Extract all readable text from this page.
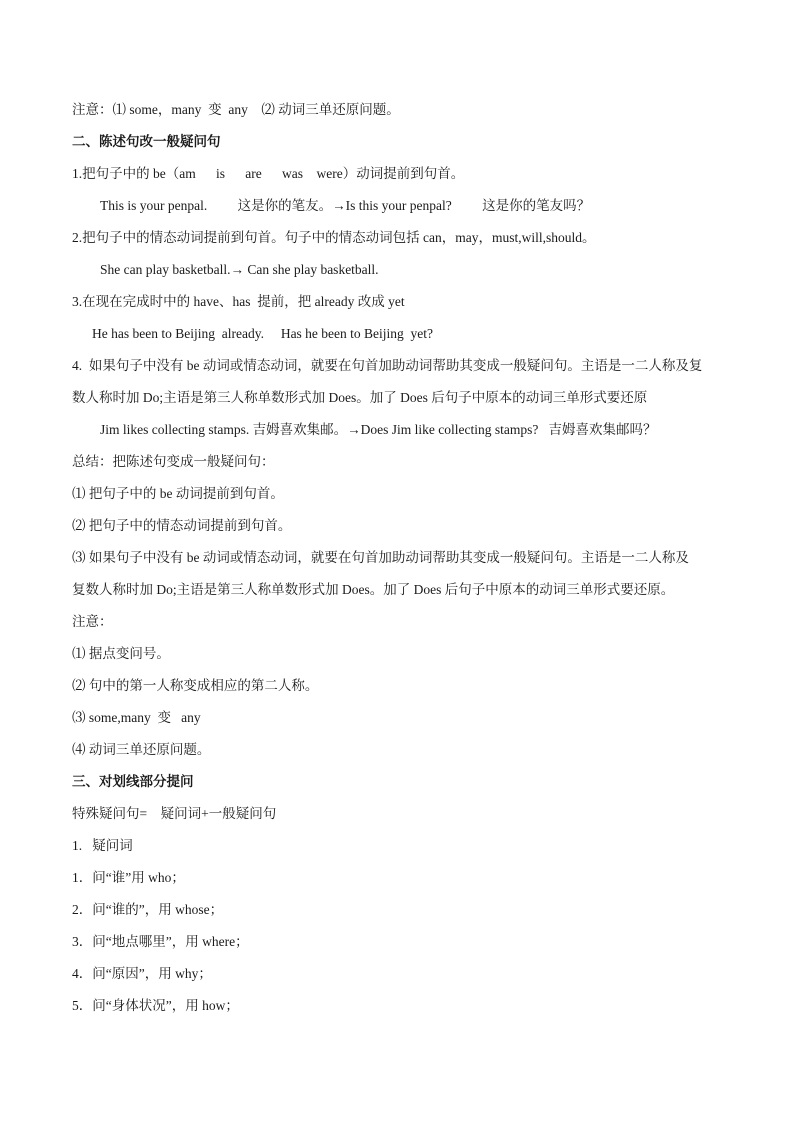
注意：⑴ some，many  变  any    ⑵ 动词三单还原问题。
二、陈述句改一般疑问句
1.把句子中的 be（am      is      are      was    were）动词提前到句首。
This is your penpal.         这是你的笔友。→Is this your penpal?         这是你的笔友吗？
2.把句子中的情态动词提前到句首。句子中的情态动词包括 can，may，must,will,should。
She can play basketball.→ Can she play basketball.
3.在现在完成时中的 have、has  提前，把 already 改成 yet
He has been to Beijing  already.     Has he been to Beijing  yet?
4.  如果句子中没有 be 动词或情态动词，就要在句首加助动词帮助其变成一般疑问句。主语是一二人称及复
数人称时加 Do;主语是第三人称单数形式加 Does。加了 Does 后句子中原本的动词三单形式要还原
Jim likes collecting stamps. 吉姆喜欢集邮。→Does Jim like collecting stamps?   吉姆喜欢集邮吗？
总结：把陈述句变成一般疑问句：
⑴ 把句子中的 be 动词提前到句首。
⑵ 把句子中的情态动词提前到句首。
⑶ 如果句子中没有 be 动词或情态动词，就要在句首加助动词帮助其变成一般疑问句。主语是一二人称及
复数人称时加 Do;主语是第三人称单数形式加 Does。加了 Does 后句子中原本的动词三单形式要还原。
注意：
⑴ 据点变问号。
⑵ 句中的第一人称变成相应的第二人称。
⑶ some,many  变   any
⑷ 动词三单还原问题。
三、对划线部分提问
特殊疑问句=    疑问词+一般疑问句
1.   疑问词
1．问“谁”用 who；
2．问“谁的”，用 whose；
3．问“地点哪里”，用 where；
4．问“原因”，用 why；
5．问“身体状况”，用 how；
